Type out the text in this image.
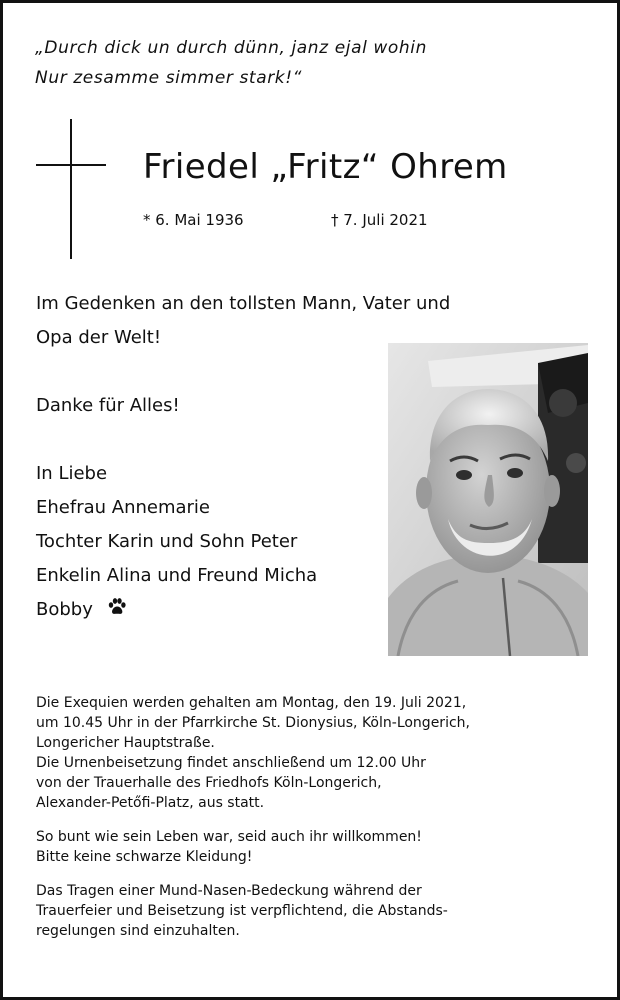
„Durch dick un durch dünn, janz ejal wohin
Nur zesamme simmer stark!“
Friedel „Fritz“ Ohrem
* 6. Mai 1936	† 7. Juli 2021
Im Gedenken an den tollsten Mann, Vater und
Opa der Welt!
Danke für Alles!
In Liebe
Ehefrau Annemarie
Tochter Karin und Sohn Peter
Enkelin Alina und Freund Micha
Bobby
Die Exequien werden gehalten am Montag, den 19. Juli 2021,
um 10.45 Uhr in der Pfarrkirche St. Dionysius, Köln-Longerich,
Longericher Hauptstraße.
Die Urnenbeisetzung findet anschließend um 12.00 Uhr
von der Trauerhalle des Friedhofs Köln-Longerich,
Alexander-Petőfi-Platz, aus statt.
So bunt wie sein Leben war, seid auch ihr willkommen!
Bitte keine schwarze Kleidung!
Das Tragen einer Mund-Nasen-Bedeckung während der
Trauerfeier und Beisetzung ist verpflichtend, die Abstands-
regelungen sind einzuhalten.
